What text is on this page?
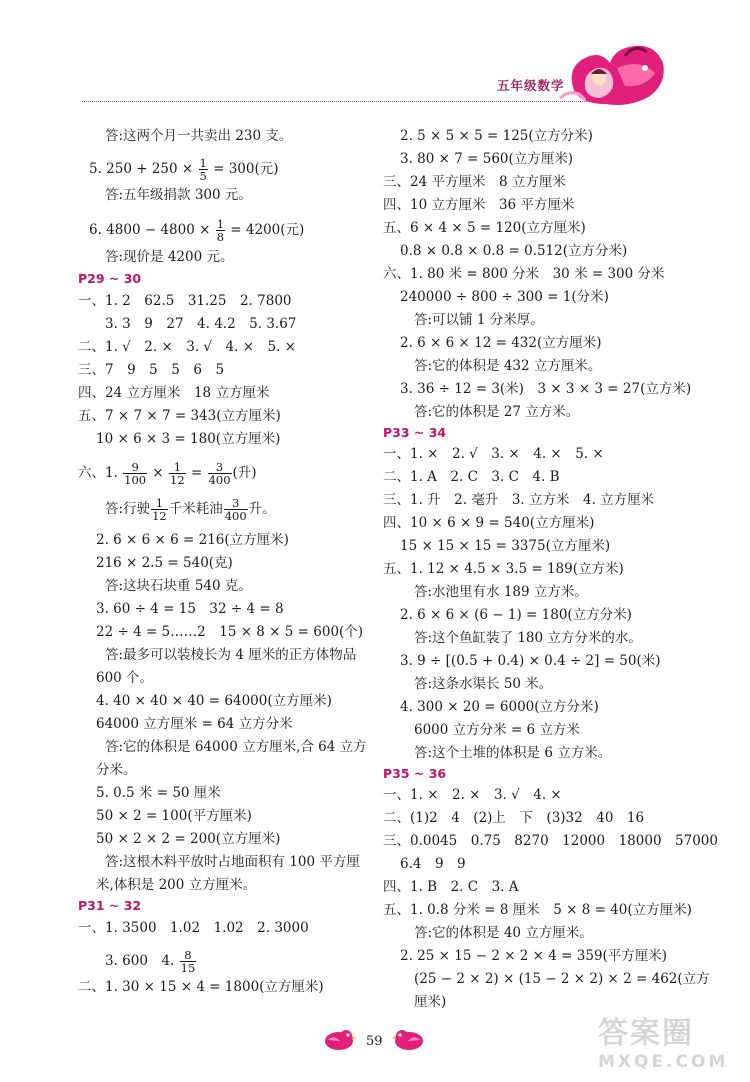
五年级数学
答:这两个月一共卖出 230 支。
5. $250 + 250 \times \frac{1}{5} = 300$(元)
答:五年级捐款 300 元。
6. $4800 - 4800 \times \frac{1}{8} = 4200$(元)
答:现价是 4200 元。
P29 ~ 30
一、1. 2　62.5　31.25　2. 7800
3. 3　9　27　4. 4.2　5. 3.67
二、1. √　2. ×　3. √　4. ×　5. ×
三、7　9　5　5　6　5
四、24 立方厘米　18 立方厘米
五、7 × 7 × 7 = 343(立方厘米)
10 × 6 × 3 = 180(立方厘米)
六、1. $\frac{9}{100} \times \frac{1}{12} = \frac{3}{400}$ (升)
答:行驶 $\frac{1}{12}$ 千米耗油 $\frac{3}{400}$ 升。
2. 6 × 6 × 6 = 216(立方厘米)
216 × 2.5 = 540(克)
答:这块石块重 540 克。
3. 60 ÷ 4 = 15　32 ÷ 4 = 8
22 ÷ 4 = 5……2　15 × 8 × 5 = 600(个)
答:最多可以装棱长为 4 厘米的正方体物品
600 个。
4. 40 × 40 × 40 = 64000(立方厘米)
64000 立方厘米 = 64 立方分米
答:它的体积是 64000 立方厘米,合 64 立方
分米。
5. 0.5 米 = 50 厘米
50 × 2 = 100(平方厘米)
50 × 2 × 2 = 200(立方厘米)
答:这根木料平放时占地面积有 100 平方厘
米,体积是 200 立方厘米。
P31 ~ 32
一、1. 3500　1.02　1.02　2. 3000
3. 600　4. $\frac{8}{15}$
二、1. 30 × 15 × 4 = 1800(立方厘米)
2. 5 × 5 × 5 = 125(立方分米)
3. 80 × 7 = 560(立方厘米)
三、24 平方厘米　8 立方厘米
四、10 立方厘米　36 平方厘米
五、6 × 4 × 5 = 120(立方厘米)
0.8 × 0.8 × 0.8 = 0.512(立方分米)
六、1. 80 米 = 800 分米　30 米 = 300 分米
240000 ÷ 800 ÷ 300 = 1(分米)
答:可以铺 1 分米厚。
2. 6 × 6 × 12 = 432(立方厘米)
答:它的体积是 432 立方厘米。
3. 36 ÷ 12 = 3(米)　3 × 3 × 3 = 27(立方米)
答:它的体积是 27 立方米。
P33 ~ 34
一、1. ×　2. √　3. ×　4. ×　5. ×
二、1. A　2. C　3. C　4. B
三、1. 升　2. 毫升　3. 立方米　4. 立方厘米
四、10 × 6 × 9 = 540(立方厘米)
15 × 15 × 15 = 3375(立方厘米)
五、1. 12 × 4.5 × 3.5 = 189(立方米)
答:水池里有水 189 立方米。
2. 6 × 6 × (6 − 1) = 180(立方分米)
答:这个鱼缸装了 180 立方分米的水。
3. 9 ÷ [(0.5 + 0.4) × 0.4 ÷ 2] = 50(米)
答:这条水渠长 50 米。
4. 300 × 20 = 6000(立方分米)
6000 立方分米 = 6 立方米
答:这个土堆的体积是 6 立方米。
P35 ~ 36
一、1. ×　2. ×　3. √　4. ×
二、(1)2　4　(2)上　下　(3)32　40　16
三、0.0045　0.75　8270　12000　18000　57000
6.4　9　9
四、1. B　2. C　3. A
五、1. 0.8 分米 = 8 厘米　5 × 8 = 40(立方厘米)
答:它的体积是 40 立方厘米。
2. 25 × 15 − 2 × 2 × 4 = 359(平方厘米)
(25 − 2 × 2) × (15 − 2 × 2) × 2 = 462(立方
厘米)
59	答案圈
MXQE.COM
